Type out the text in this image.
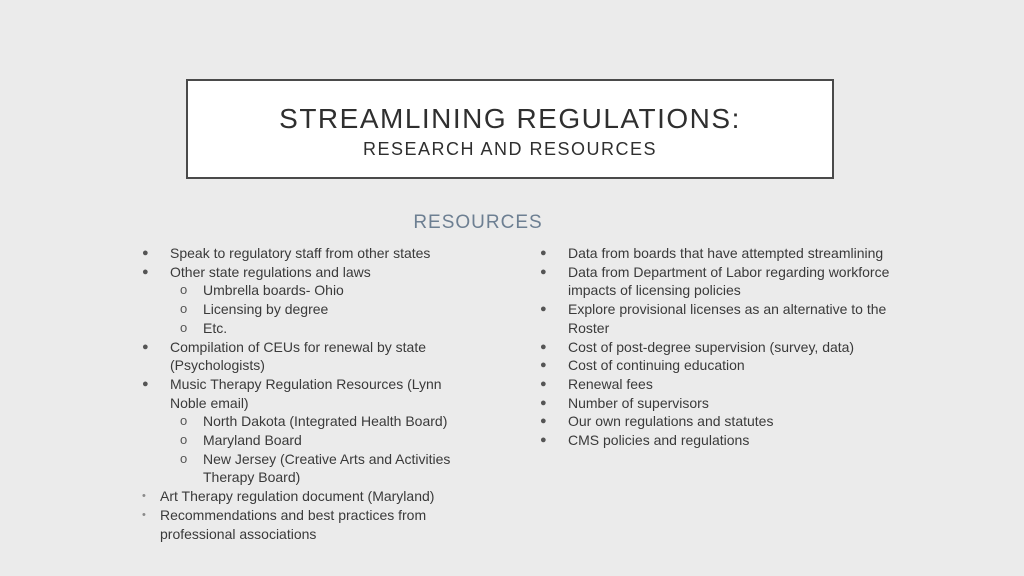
STREAMLINING REGULATIONS:
RESEARCH AND RESOURCES
RESOURCES
● Speak to regulatory staff from other states
● Other state regulations and laws
o Umbrella boards- Ohio
o Licensing by degree
o Etc.
● Compilation of CEUs for renewal by state (Psychologists)
● Music Therapy Regulation Resources (Lynn Noble email)
o North Dakota (Integrated Health Board)
o Maryland Board
o New Jersey (Creative Arts and Activities Therapy Board)
• Art Therapy regulation document (Maryland)
• Recommendations and best practices from professional associations
● Data from boards that have attempted streamlining
● Data from Department of Labor regarding workforce impacts of licensing policies
● Explore provisional licenses as an alternative to the Roster
● Cost of post-degree supervision (survey, data)
● Cost of continuing education
● Renewal fees
● Number of supervisors
● Our own regulations and statutes
● CMS policies and regulations
